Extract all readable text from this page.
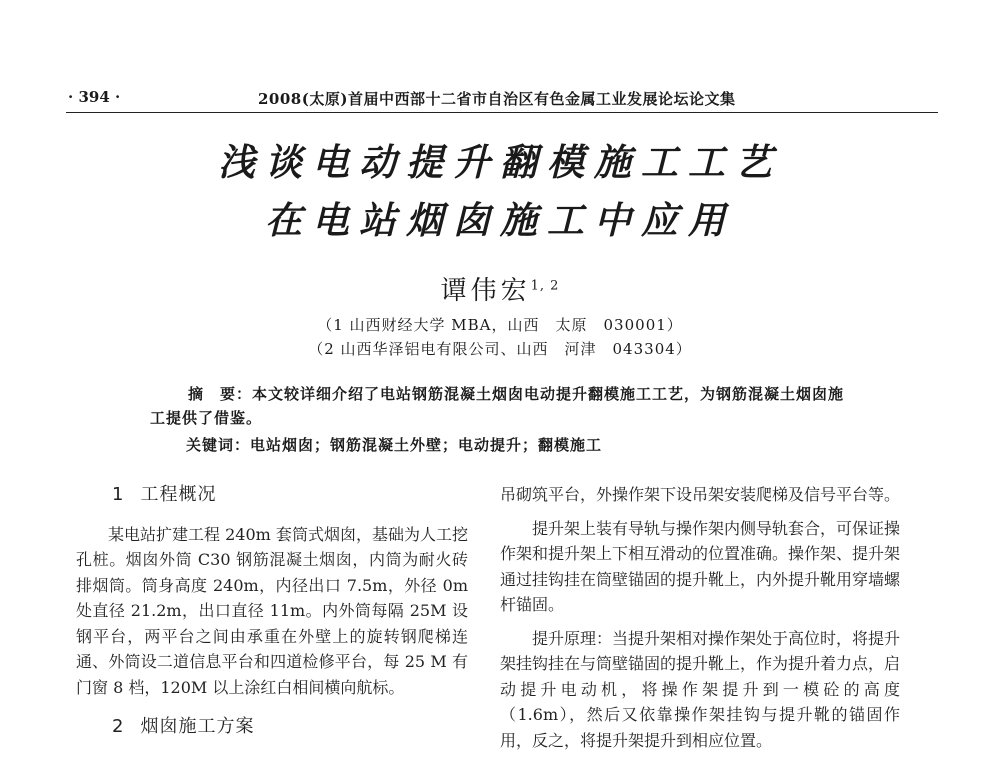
· 394 ·	2008(太原)首届中西部十二省市自治区有色金属工业发展论坛论文集
浅谈电动提升翻模施工工艺
在电站烟囱施工中应用
谭伟宏$^{1, 2}$
（1 山西财经大学 MBA，山西　太原　030001）
（2 山西华泽铝电有限公司、山西　河津　043304）
摘　要：本文较详细介绍了电站钢筋混凝土烟囱电动提升翻模施工工艺，为钢筋混凝土烟囱施工提供了借鉴。
关键词：电站烟囱；钢筋混凝土外壁；电动提升；翻模施工
1 工程概况

某电站扩建工程 240m 套筒式烟囱，基础为人工挖孔桩。烟囱外筒 C30 钢筋混凝土烟囱，内筒为耐火砖排烟筒。筒身高度 240m，内径出口 7.5m，外径 0m 处直径 21.2m，出口直径 11m。内外筒每隔 25M 设钢平台，两平台之间由承重在外壁上的旋转钢爬梯连通、外筒设二道信息平台和四道检修平台，每 25 M 有门窗 8 档，120M 以上涂红白相间横向航标。

2 烟囱施工方案

吊砌筑平台，外操作架下设吊架安装爬梯及信号平台等。

提升架上装有导轨与操作架内侧导轨套合，可保证操作架和提升架上下相互滑动的位置准确。操作架、提升架通过挂钩挂在筒壁锚固的提升靴上，内外提升靴用穿墙螺杆锚固。

提升原理：当提升架相对操作架处于高位时，将提升架挂钩挂在与筒壁锚固的提升靴上，作为提升着力点，启动提升电动机，将操作架提升到一模砼的高度（1.6m），然后又依靠操作架挂钩与提升靴的锚固作用，反之，将提升架提升到相应位置。
